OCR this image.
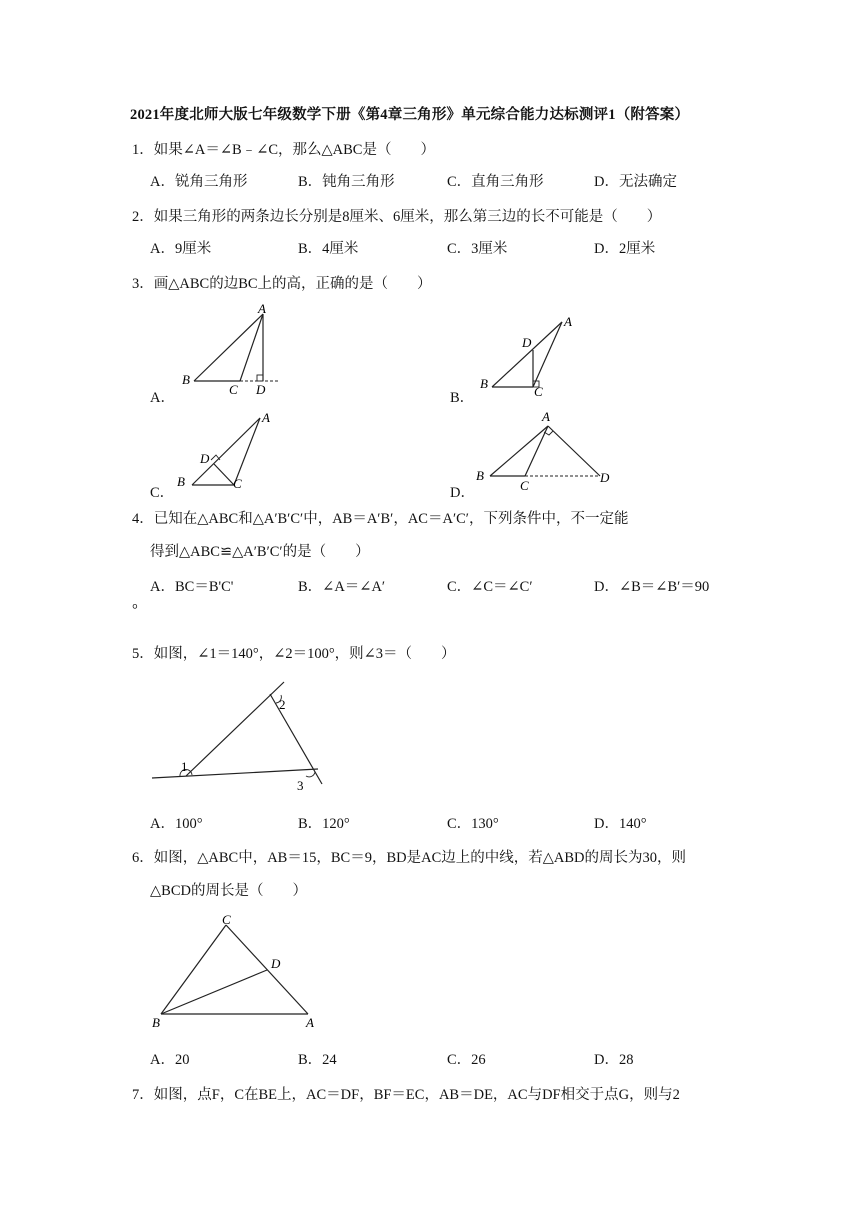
2021年度北师大版七年级数学下册《第4章三角形》单元综合能力达标测评1（附答案）
1．如果∠A＝∠B﹣∠C，那么△ABC是（　　）
A．锐角三角形	B．钝角三角形	C．直角三角形	D．无法确定
2．如果三角形的两条边长分别是8厘米、6厘米，那么第三边的长不可能是（　　）
A．9厘米	B．4厘米	C．3厘米	D．2厘米
3．画△ABC的边BC上的高，正确的是（　　）
A
B
C D
A．
A
D
B
C
B．
A
D
B	C
C．
A
B
C
D
D．
4．已知在△ABC和△A′B′C′中，AB＝A′B′，AC＝A′C′，下列条件中，不一定能
得到△ABC≌△A′B′C′的是（　　）
A．BC＝B'C'	B．∠A＝∠A′	C．∠C＝∠C′	D．∠B＝∠B′＝90
°
5．如图，∠1＝140°，∠2＝100°，则∠3＝（　　）
1
2
3
A．100°	B．120°	C．130°	D．140°
6．如图，△ABC中，AB＝15，BC＝9，BD是AC边上的中线，若△ABD的周长为30，则
△BCD的周长是（　　）
C
D
B	A
A．20	B．24	C．26	D．28
7．如图，点F，C在BE上，AC＝DF，BF＝EC，AB＝DE，AC与DF相交于点G，则与2
